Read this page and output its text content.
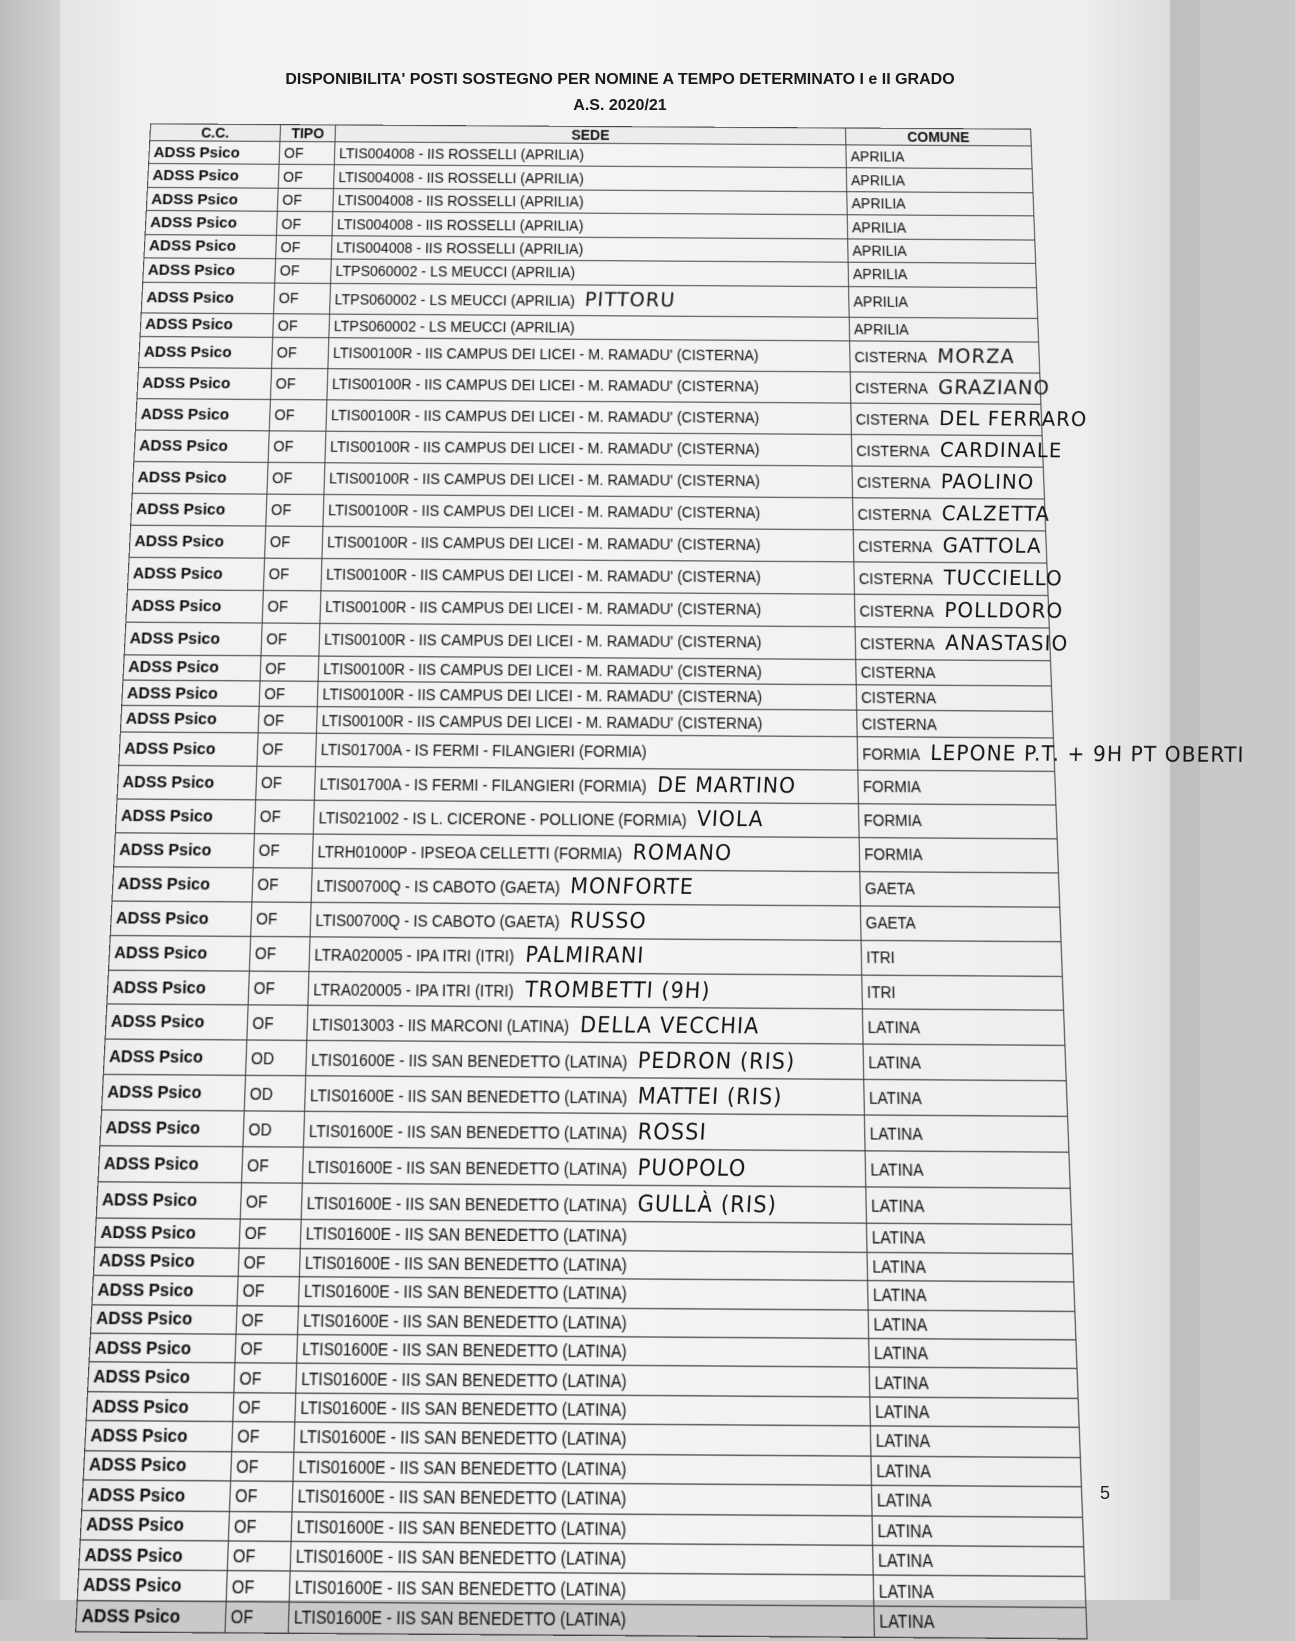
DISPONIBILITA' POSTI SOSTEGNO PER NOMINE A TEMPO DETERMINATO I e II GRADO
A.S. 2020/21
C.C.	TIPO	SEDE	COMUNE
ADSS Psico	OF	LTIS004008 - IIS ROSSELLI (APRILIA)	APRILIA
ADSS Psico	OF	LTIS004008 - IIS ROSSELLI (APRILIA)	APRILIA
ADSS Psico	OF	LTIS004008 - IIS ROSSELLI (APRILIA)	APRILIA
ADSS Psico	OF	LTIS004008 - IIS ROSSELLI (APRILIA)	APRILIA
ADSS Psico	OF	LTIS004008 - IIS ROSSELLI (APRILIA)	APRILIA
ADSS Psico	OF	LTPS060002 - LS MEUCCI (APRILIA)	APRILIA
ADSS Psico	OF	LTPS060002 - LS MEUCCI (APRILIA) PITTORU	APRILIA
ADSS Psico	OF	LTPS060002 - LS MEUCCI (APRILIA)	APRILIA
ADSS Psico	OF	LTIS00100R - IIS CAMPUS DEI LICEI - M. RAMADU' (CISTERNA)	CISTERNA MORZA
ADSS Psico	OF	LTIS00100R - IIS CAMPUS DEI LICEI - M. RAMADU' (CISTERNA)	CISTERNA GRAZIANO
ADSS Psico	OF	LTIS00100R - IIS CAMPUS DEI LICEI - M. RAMADU' (CISTERNA)	CISTERNA DEL FERRARO
ADSS Psico	OF	LTIS00100R - IIS CAMPUS DEI LICEI - M. RAMADU' (CISTERNA)	CISTERNA CARDINALE
ADSS Psico	OF	LTIS00100R - IIS CAMPUS DEI LICEI - M. RAMADU' (CISTERNA)	CISTERNA PAOLINO
ADSS Psico	OF	LTIS00100R - IIS CAMPUS DEI LICEI - M. RAMADU' (CISTERNA)	CISTERNA CALZETTA
ADSS Psico	OF	LTIS00100R - IIS CAMPUS DEI LICEI - M. RAMADU' (CISTERNA)	CISTERNA GATTOLA
ADSS Psico	OF	LTIS00100R - IIS CAMPUS DEI LICEI - M. RAMADU' (CISTERNA)	CISTERNA TUCCIELLO
ADSS Psico	OF	LTIS00100R - IIS CAMPUS DEI LICEI - M. RAMADU' (CISTERNA)	CISTERNA POLLDORO
ADSS Psico	OF	LTIS00100R - IIS CAMPUS DEI LICEI - M. RAMADU' (CISTERNA)	CISTERNA ANASTASIO
ADSS Psico	OF	LTIS00100R - IIS CAMPUS DEI LICEI - M. RAMADU' (CISTERNA)	CISTERNA
ADSS Psico	OF	LTIS00100R - IIS CAMPUS DEI LICEI - M. RAMADU' (CISTERNA)	CISTERNA
ADSS Psico	OF	LTIS00100R - IIS CAMPUS DEI LICEI - M. RAMADU' (CISTERNA)	CISTERNA
ADSS Psico	OF	LTIS01700A - IS FERMI - FILANGIERI (FORMIA)	FORMIA LEPONE P.T. + 9H PT OBERTI
ADSS Psico	OF	LTIS01700A - IS FERMI - FILANGIERI (FORMIA) DE MARTINO	FORMIA
ADSS Psico	OF	LTIS021002 - IS L. CICERONE - POLLIONE (FORMIA) VIOLA	FORMIA
ADSS Psico	OF	LTRH01000P - IPSEOA CELLETTI (FORMIA) ROMANO	FORMIA
ADSS Psico	OF	LTIS00700Q - IS CABOTO (GAETA) MONFORTE	GAETA
ADSS Psico	OF	LTIS00700Q - IS CABOTO (GAETA) RUSSO	GAETA
ADSS Psico	OF	LTRA020005 - IPA ITRI (ITRI) PALMIRANI	ITRI
ADSS Psico	OF	LTRA020005 - IPA ITRI (ITRI) TROMBETTI (9H)	ITRI
ADSS Psico	OF	LTIS013003 - IIS MARCONI (LATINA) DELLA VECCHIA	LATINA
ADSS Psico	OD	LTIS01600E - IIS SAN BENEDETTO (LATINA) PEDRON (RIS)	LATINA
ADSS Psico	OD	LTIS01600E - IIS SAN BENEDETTO (LATINA) MATTEI (RIS)	LATINA
ADSS Psico	OD	LTIS01600E - IIS SAN BENEDETTO (LATINA) ROSSI	LATINA
ADSS Psico	OF	LTIS01600E - IIS SAN BENEDETTO (LATINA) PUOPOLO	LATINA
ADSS Psico	OF	LTIS01600E - IIS SAN BENEDETTO (LATINA) GULLÀ (RIS)	LATINA
ADSS Psico	OF	LTIS01600E - IIS SAN BENEDETTO (LATINA)	LATINA
ADSS Psico	OF	LTIS01600E - IIS SAN BENEDETTO (LATINA)	LATINA
ADSS Psico	OF	LTIS01600E - IIS SAN BENEDETTO (LATINA)	LATINA
ADSS Psico	OF	LTIS01600E - IIS SAN BENEDETTO (LATINA)	LATINA
ADSS Psico	OF	LTIS01600E - IIS SAN BENEDETTO (LATINA)	LATINA
ADSS Psico	OF	LTIS01600E - IIS SAN BENEDETTO (LATINA)	LATINA
ADSS Psico	OF	LTIS01600E - IIS SAN BENEDETTO (LATINA)	LATINA
ADSS Psico	OF	LTIS01600E - IIS SAN BENEDETTO (LATINA)	LATINA
ADSS Psico	OF	LTIS01600E - IIS SAN BENEDETTO (LATINA)	LATINA
ADSS Psico	OF	LTIS01600E - IIS SAN BENEDETTO (LATINA)	LATINA
ADSS Psico	OF	LTIS01600E - IIS SAN BENEDETTO (LATINA)	LATINA
ADSS Psico	OF	LTIS01600E - IIS SAN BENEDETTO (LATINA)	LATINA
ADSS Psico	OF	LTIS01600E - IIS SAN BENEDETTO (LATINA)	LATINA
ADSS Psico	OF	LTIS01600E - IIS SAN BENEDETTO (LATINA)	LATINA
5
